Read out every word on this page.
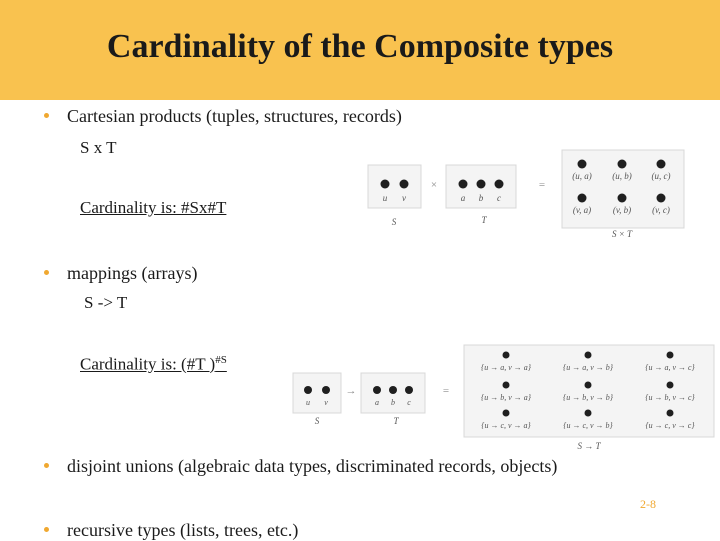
Cardinality of the Composite types
Cartesian products (tuples, structures, records)
S x T
Cardinality is: #Sx#T	u v
S
×
a b c
T
=
(u, a) (u, b) (u, c)
(v, a) (v, b) (v, c)
S × T
mappings (arrays)
S -> T
Cardinality is: (#T )$^{\#S}$
u v
S
→
a b c
T
=
{u → a, v → a}	{u → a, v → b}	{u → a, v → c}
{u → b, v → a}	{u → b, v → b}	{u → b, v → c}
{u → c, v → a}	{u → c, v → b}	{u → c, v → c}
S → T
disjoint unions (algebraic data types, discriminated records, objects)
2-8
recursive types (lists, trees, etc.)
